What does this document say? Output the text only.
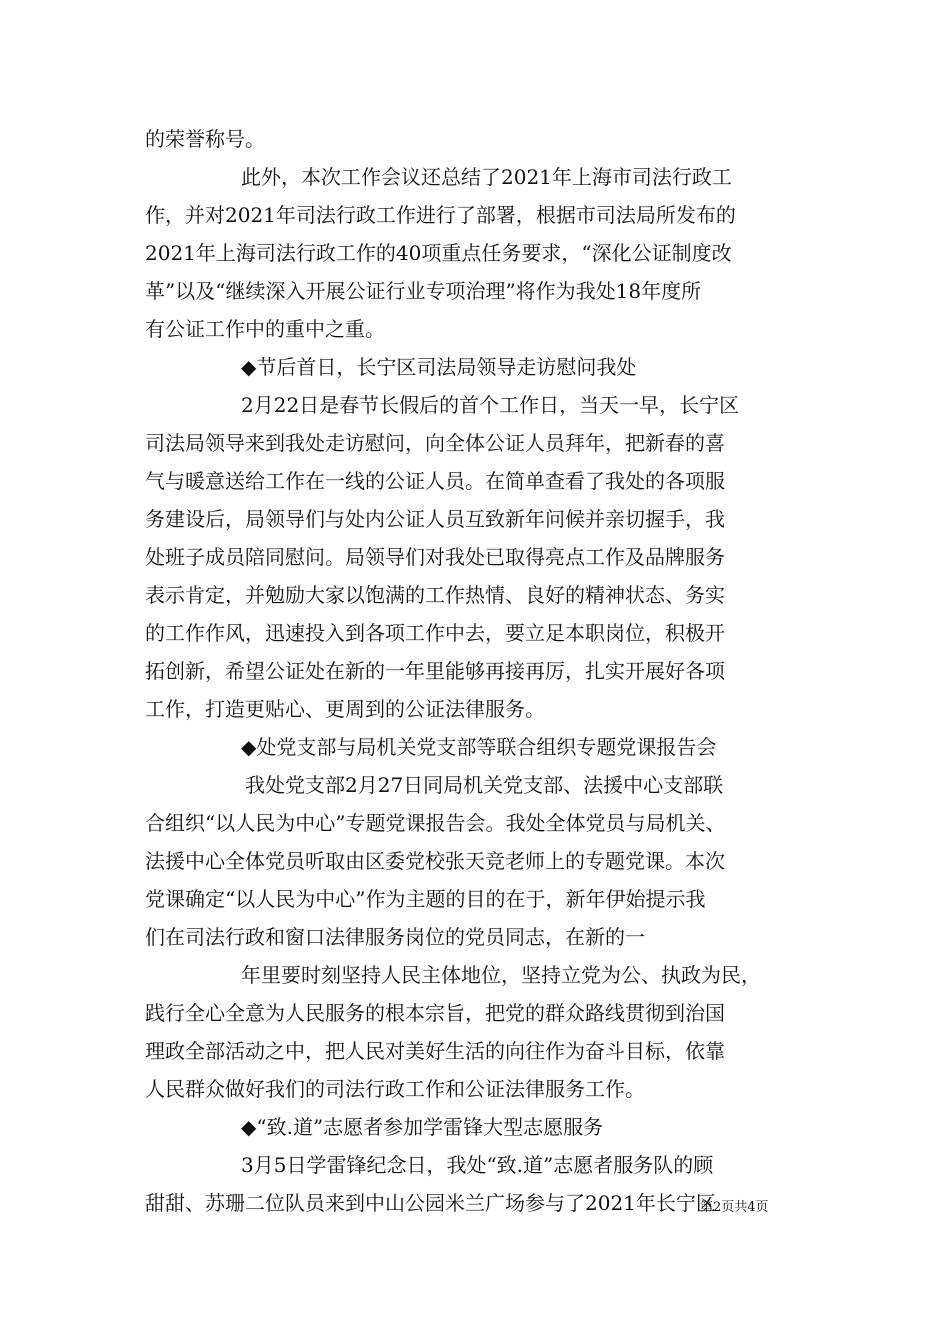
的荣誉称号。
此外，本次工作会议还总结了2021年上海市司法行政工
作，并对2021年司法行政工作进行了部署，根据市司法局所发布的
2021年上海司法行政工作的40项重点任务要求，“深化公证制度改
革”以及“继续深入开展公证行业专项治理”将作为我处18年度所
有公证工作中的重中之重。
◆节后首日，长宁区司法局领导走访慰问我处
2月22日是春节长假后的首个工作日，当天一早，长宁区
司法局领导来到我处走访慰问，向全体公证人员拜年，把新春的喜
气与暖意送给工作在一线的公证人员。在简单查看了我处的各项服
务建设后，局领导们与处内公证人员互致新年问候并亲切握手，我
处班子成员陪同慰问。局领导们对我处已取得亮点工作及品牌服务
表示肯定，并勉励大家以饱满的工作热情、良好的精神状态、务实
的工作作风，迅速投入到各项工作中去，要立足本职岗位，积极开
拓创新，希望公证处在新的一年里能够再接再厉，扎实开展好各项
工作，打造更贴心、更周到的公证法律服务。
◆处党支部与局机关党支部等联合组织专题党课报告会
我处党支部2月27日同局机关党支部、法援中心支部联
合组织“以人民为中心”专题党课报告会。我处全体党员与局机关、
法援中心全体党员听取由区委党校张天竞老师上的专题党课。本次
党课确定“以人民为中心”作为主题的目的在于，新年伊始提示我
们在司法行政和窗口法律服务岗位的党员同志，在新的一
年里要时刻坚持人民主体地位，坚持立党为公、执政为民，
践行全心全意为人民服务的根本宗旨，把党的群众路线贯彻到治国
理政全部活动之中，把人民对美好生活的向往作为奋斗目标，依靠
人民群众做好我们的司法行政工作和公证法律服务工作。
◆“致.道”志愿者参加学雷锋大型志愿服务
3月5日学雷锋纪念日，我处“致.道”志愿者服务队的顾
甜甜、苏珊二位队员来到中山公园米兰广场参与了2021年长宁区
第2页共4页
